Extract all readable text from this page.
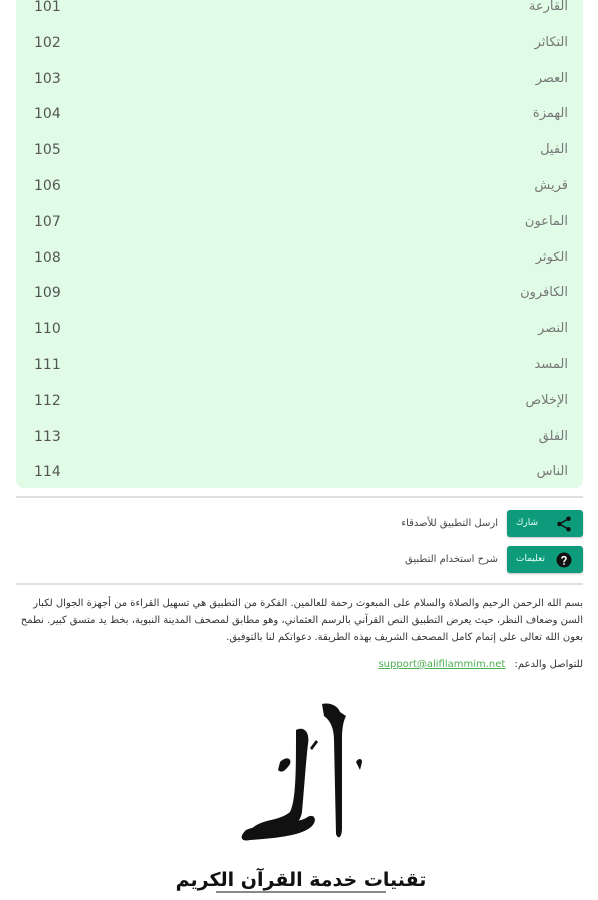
101	القارعة
102	التكاثر
103	العصر
104	الهمزة
105	الفيل
106	قريش
107	الماعون
108	الكوثر
109	الكافرون
110	النصر
111	المسد
112	الإخلاص
113	الفلق
114	الناس
شارك
ارسل التطبيق للأصدقاء
تعليمات
شرح استخدام التطبيق
بسم الله الرحمن الرحيم والصلاة والسلام على المبعوث رحمة للعالمين. الفكرة من التطبيق هي تسهيل القراءة من أجهزة الجوال لكبار السن وضعاف النظر، حيث يعرض التطبيق النص القرآني بالرسم العثماني، وهو مطابق لمصحف المدينة النبوية، بخط يد متسق كبير. نطمح بعون الله تعالى على إتمام كامل المصحف الشريف بهذه الطريقة. دعواتكم لنا بالتوفيق.
للتواصل والدعم: support@alifllammim.net
تقنيات خدمة القرآن الكريم
